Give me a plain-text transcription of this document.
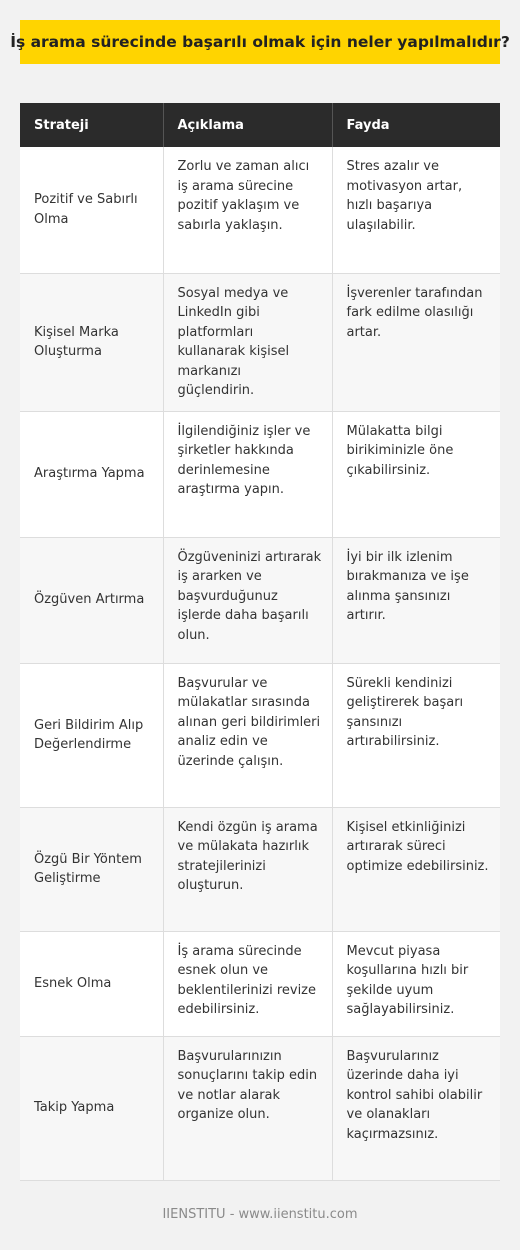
İş arama sürecinde başarılı olmak için neler yapılmalıdır?
Strateji	Açıklama	Fayda
Pozitif ve Sabırlı Olma	Zorlu ve zaman alıcı iş arama sürecine pozitif yaklaşım ve sabırla yaklaşın.	Stres azalır ve motivasyon artar, hızlı başarıya ulaşılabilir.
Kişisel Marka Oluşturma	Sosyal medya ve LinkedIn gibi platformları kullanarak kişisel markanızı güçlendirin.	İşverenler tarafından fark edilme olasılığı artar.
Araştırma Yapma	İlgilendiğiniz işler ve şirketler hakkında derinlemesine araştırma yapın.	Mülakatta bilgi birikiminizle öne çıkabilirsiniz.
Özgüven Artırma	Özgüveninizi artırarak iş ararken ve başvurduğunuz işlerde daha başarılı olun.	İyi bir ilk izlenim bırakmanıza ve işe alınma şansınızı artırır.
Geri Bildirim Alıp Değerlendirme	Başvurular ve mülakatlar sırasında alınan geri bildirimleri analiz edin ve üzerinde çalışın.	Sürekli kendinizi geliştirerek başarı şansınızı artırabilirsiniz.
Özgü Bir Yöntem Geliştirme	Kendi özgün iş arama ve mülakata hazırlık stratejilerinizi oluşturun.	Kişisel etkinliğinizi artırarak süreci optimize edebilirsiniz.
Esnek Olma	İş arama sürecinde esnek olun ve beklentilerinizi revize edebilirsiniz.	Mevcut piyasa koşullarına hızlı bir şekilde uyum sağlayabilirsiniz.
Takip Yapma	Başvurularınızın sonuçlarını takip edin ve notlar alarak organize olun.	Başvurularınız üzerinde daha iyi kontrol sahibi olabilir ve olanakları kaçırmazsınız.
IIENSTITU - www.iienstitu.com
